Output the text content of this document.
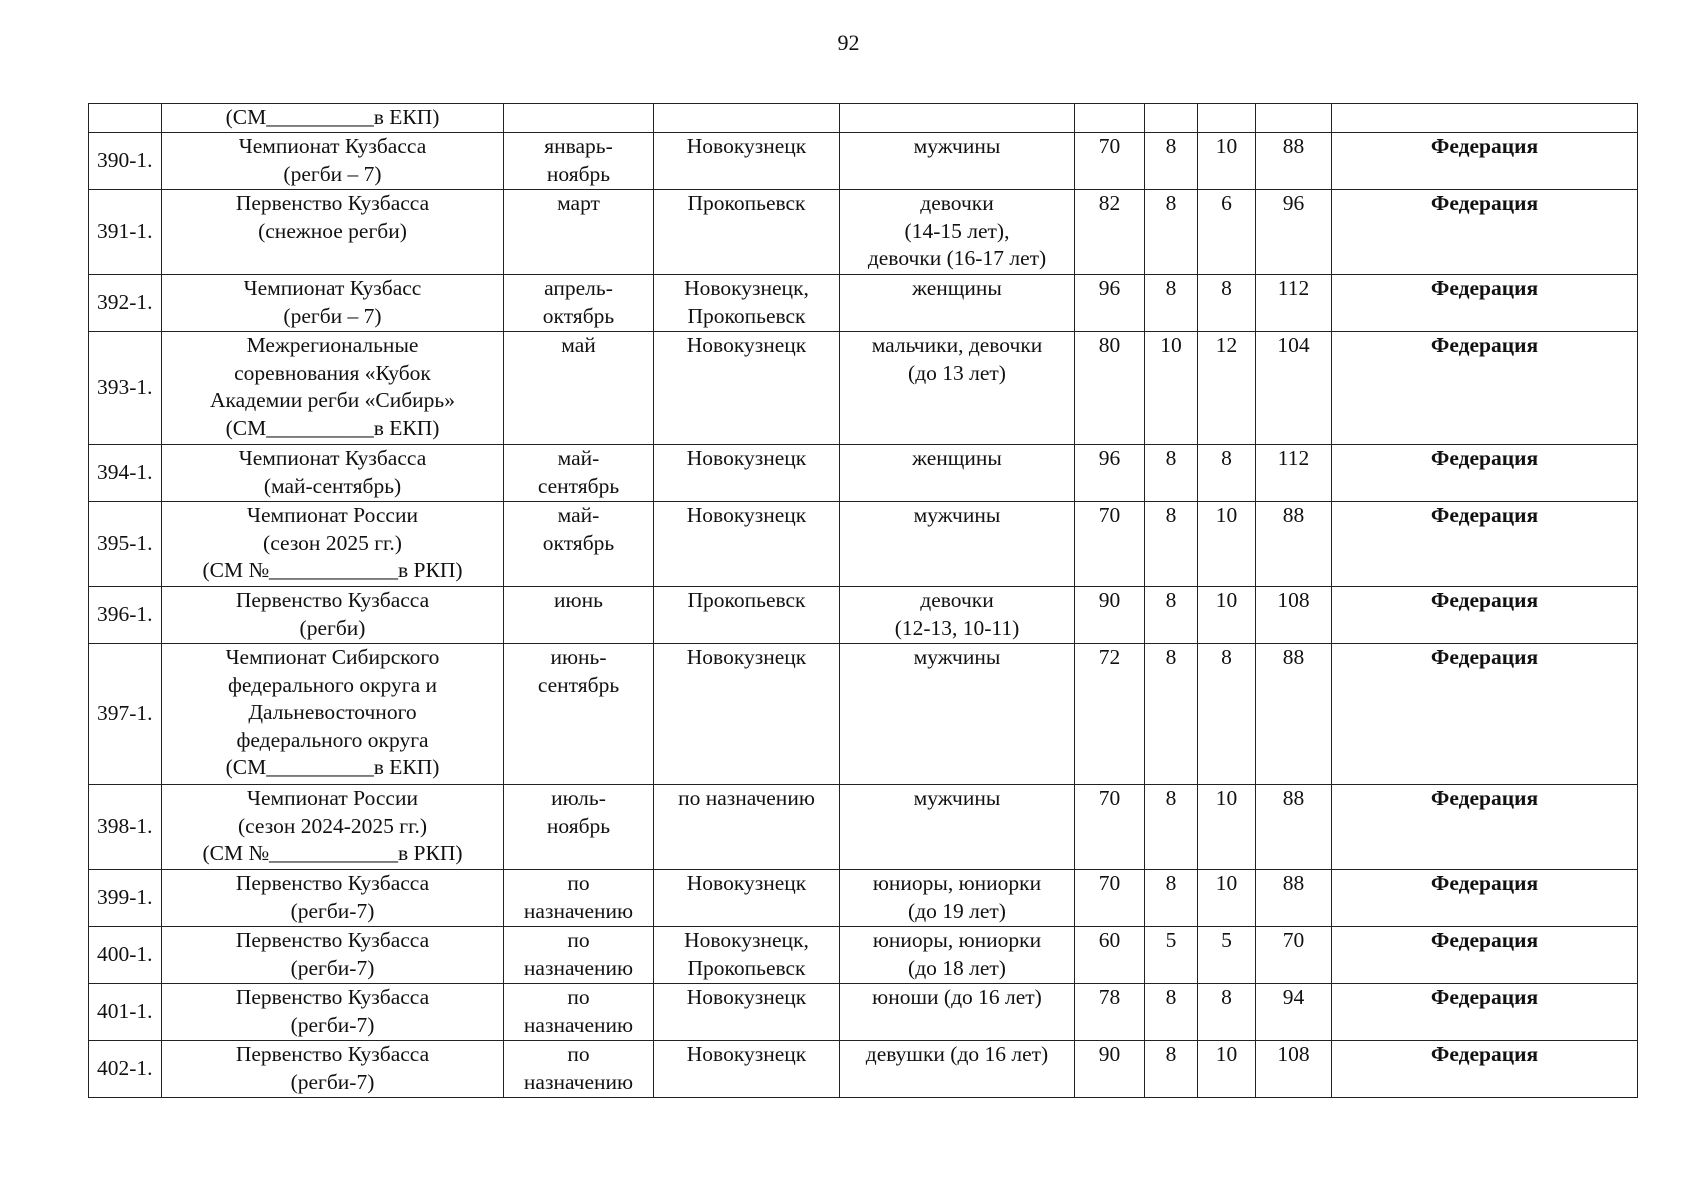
92

	(СМ__________в ЕКП)								

390-1.	Чемпионат Кузбасса
(регби – 7)	январь-
ноябрь	Новокузнецк	мужчины	70	8	10	88	Федерация
391-1.	Первенство Кузбасса
(снежное регби)	март	Прокопьевск	девочки
(14-15 лет),
девочки (16-17 лет)	82	8	6	96	Федерация
392-1.	Чемпионат Кузбасс
(регби – 7)	апрель-
октябрь	Новокузнецк,
Прокопьевск	женщины	96	8	8	112	Федерация
393-1.	Межрегиональные
соревнования «Кубок
Академии регби «Сибирь»
(СМ__________в ЕКП)	май	Новокузнецк	мальчики, девочки
(до 13 лет)	80	10	12	104	Федерация
394-1.	Чемпионат Кузбасса
(май-сентябрь)	май-
сентябрь	Новокузнецк	женщины	96	8	8	112	Федерация
395-1.	Чемпионат России
(сезон 2025 гг.)
(СМ №____________в РКП)	май-
октябрь	Новокузнецк	мужчины	70	8	10	88	Федерация
396-1.	Первенство Кузбасса
(регби)	июнь	Прокопьевск	девочки
(12-13, 10-11)	90	8	10	108	Федерация
397-1.	Чемпионат Сибирского
федерального округа и
Дальневосточного
федерального округа
(СМ__________в ЕКП)	июнь-
сентябрь	Новокузнецк	мужчины	72	8	8	88	Федерация
398-1.	Чемпионат России
(сезон 2024-2025 гг.)
(СМ №____________в РКП)	июль-
ноябрь	по назначению	мужчины	70	8	10	88	Федерация
399-1.	Первенство Кузбасса
(регби-7)	по
назначению	Новокузнецк	юниоры, юниорки
(до 19 лет)	70	8	10	88	Федерация
400-1.	Первенство Кузбасса
(регби-7)	по
назначению	Новокузнецк,
Прокопьевск	юниоры, юниорки
(до 18 лет)	60	5	5	70	Федерация
401-1.	Первенство Кузбасса
(регби-7)	по
назначению	Новокузнецк	юноши (до 16 лет)	78	8	8	94	Федерация
402-1.	Первенство Кузбасса
(регби-7)	по
назначению	Новокузнецк	девушки (до 16 лет)	90	8	10	108	Федерация
